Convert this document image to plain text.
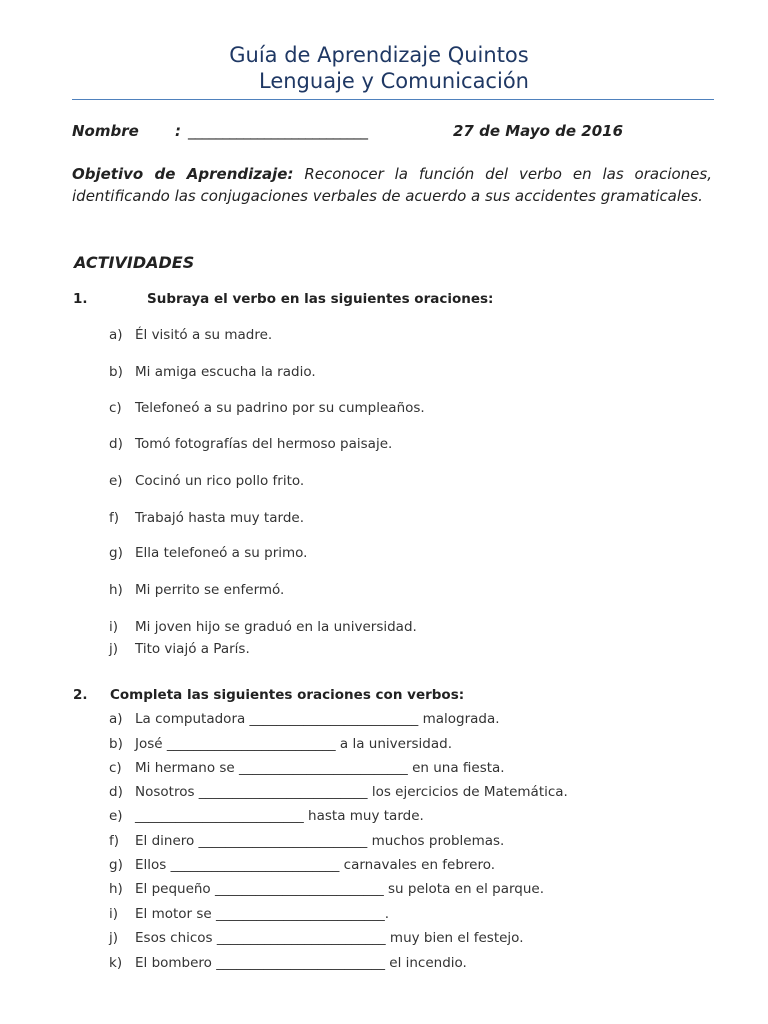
Guía de Aprendizaje Quintos
Lenguaje y Comunicación
Nombre : __________________________	27 de Mayo de 2016
Objetivo de Aprendizaje: Reconocer la función del verbo en las oraciones, identificando las conjugaciones verbales de acuerdo a sus accidentes gramaticales.
ACTIVIDADES
1.	Subraya el verbo en las siguientes oraciones:
a) Él visitó a su madre.
b) Mi amiga escucha la radio.
c) Telefoneó a su padrino por su cumpleaños.
d) Tomó fotografías del hermoso paisaje.
e) Cocinó un rico pollo frito.
f) Trabajó hasta muy tarde.
g) Ella telefoneó a su primo.
h) Mi perrito se enfermó.
i) Mi joven hijo se graduó en la universidad.
j) Tito viajó a París.
2. Completa las siguientes oraciones con verbos:
a) La computadora _________________________ malograda.
b) José _________________________ a la universidad.
c) Mi hermano se _________________________ en una fiesta.
d) Nosotros _________________________ los ejercicios de Matemática.
e) _________________________ hasta muy tarde.
f) El dinero _________________________ muchos problemas.
g) Ellos _________________________ carnavales en febrero.
h) El pequeño _________________________ su pelota en el parque.
i) El motor se _________________________.
j) Esos chicos _________________________ muy bien el festejo.
k) El bombero _________________________ el incendio.
